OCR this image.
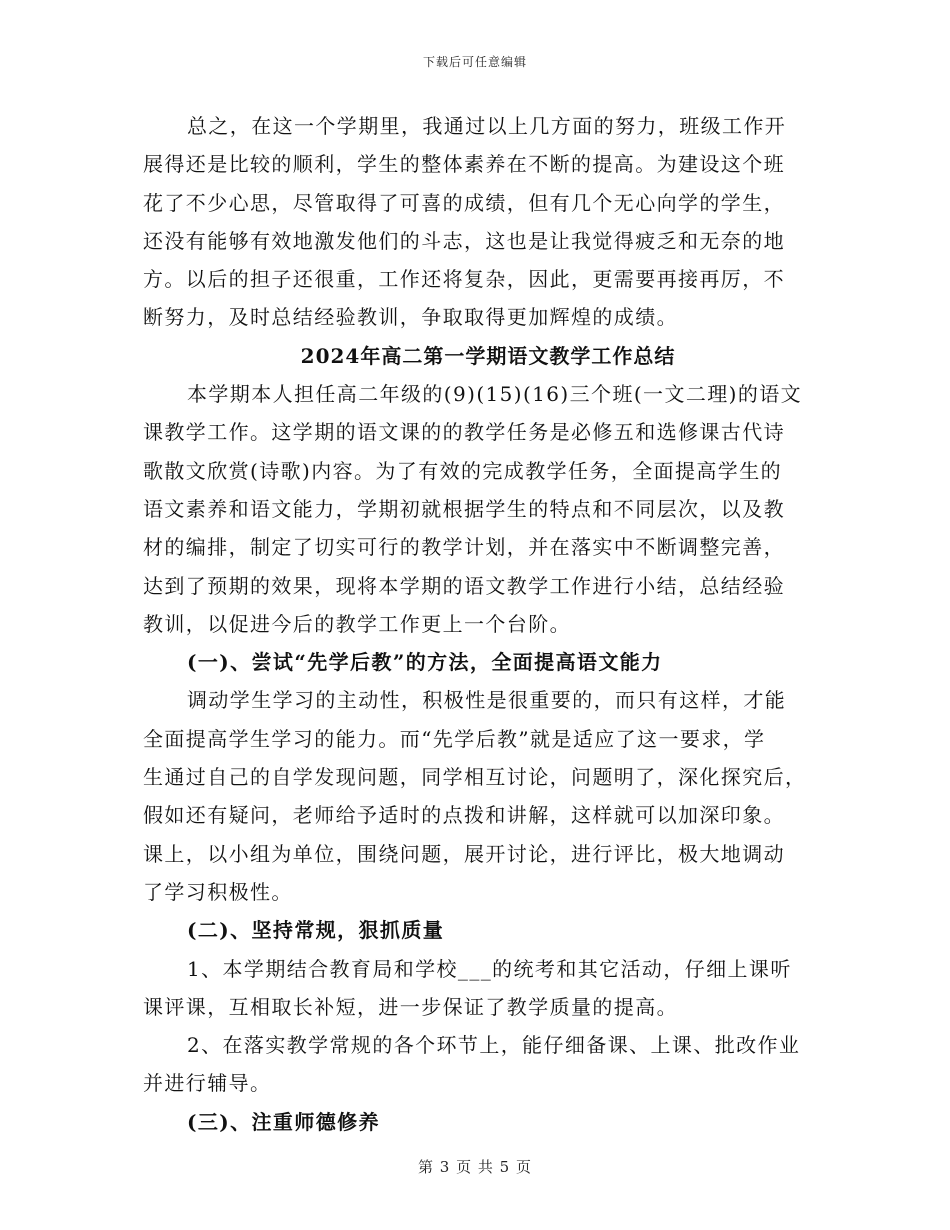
下载后可任意编辑
总之，在这一个学期里，我通过以上几方面的努力，班级工作开
展得还是比较的顺利，学生的整体素养在不断的提高。为建设这个班
花了不少心思，尽管取得了可喜的成绩，但有几个无心向学的学生，
还没有能够有效地激发他们的斗志，这也是让我觉得疲乏和无奈的地
方。以后的担子还很重，工作还将复杂，因此，更需要再接再厉，不
断努力，及时总结经验教训，争取取得更加辉煌的成绩。
2024年高二第一学期语文教学工作总结
本学期本人担任高二年级的(9)(15)(16)三个班(一文二理)的语文
课教学工作。这学期的语文课的的教学任务是必修五和选修课古代诗
歌散文欣赏(诗歌)内容。为了有效的完成教学任务，全面提高学生的
语文素养和语文能力，学期初就根据学生的特点和不同层次，以及教
材的编排，制定了切实可行的教学计划，并在落实中不断调整完善，
达到了预期的效果，现将本学期的语文教学工作进行小结，总结经验
教训，以促进今后的教学工作更上一个台阶。
(一)、尝试“先学后教”的方法，全面提高语文能力
调动学生学习的主动性，积极性是很重要的，而只有这样，才能
全面提高学生学习的能力。而“先学后教”就是适应了这一要求，学
生通过自己的自学发现问题，同学相互讨论，问题明了，深化探究后，
假如还有疑问，老师给予适时的点拨和讲解，这样就可以加深印象。
课上，以小组为单位，围绕问题，展开讨论，进行评比，极大地调动
了学习积极性。
(二)、坚持常规，狠抓质量
1、本学期结合教育局和学校___的统考和其它活动，仔细上课听
课评课，互相取长补短，进一步保证了教学质量的提高。
2、在落实教学常规的各个环节上，能仔细备课、上课、批改作业
并进行辅导。
(三)、注重师德修养
第 3 页 共 5 页
